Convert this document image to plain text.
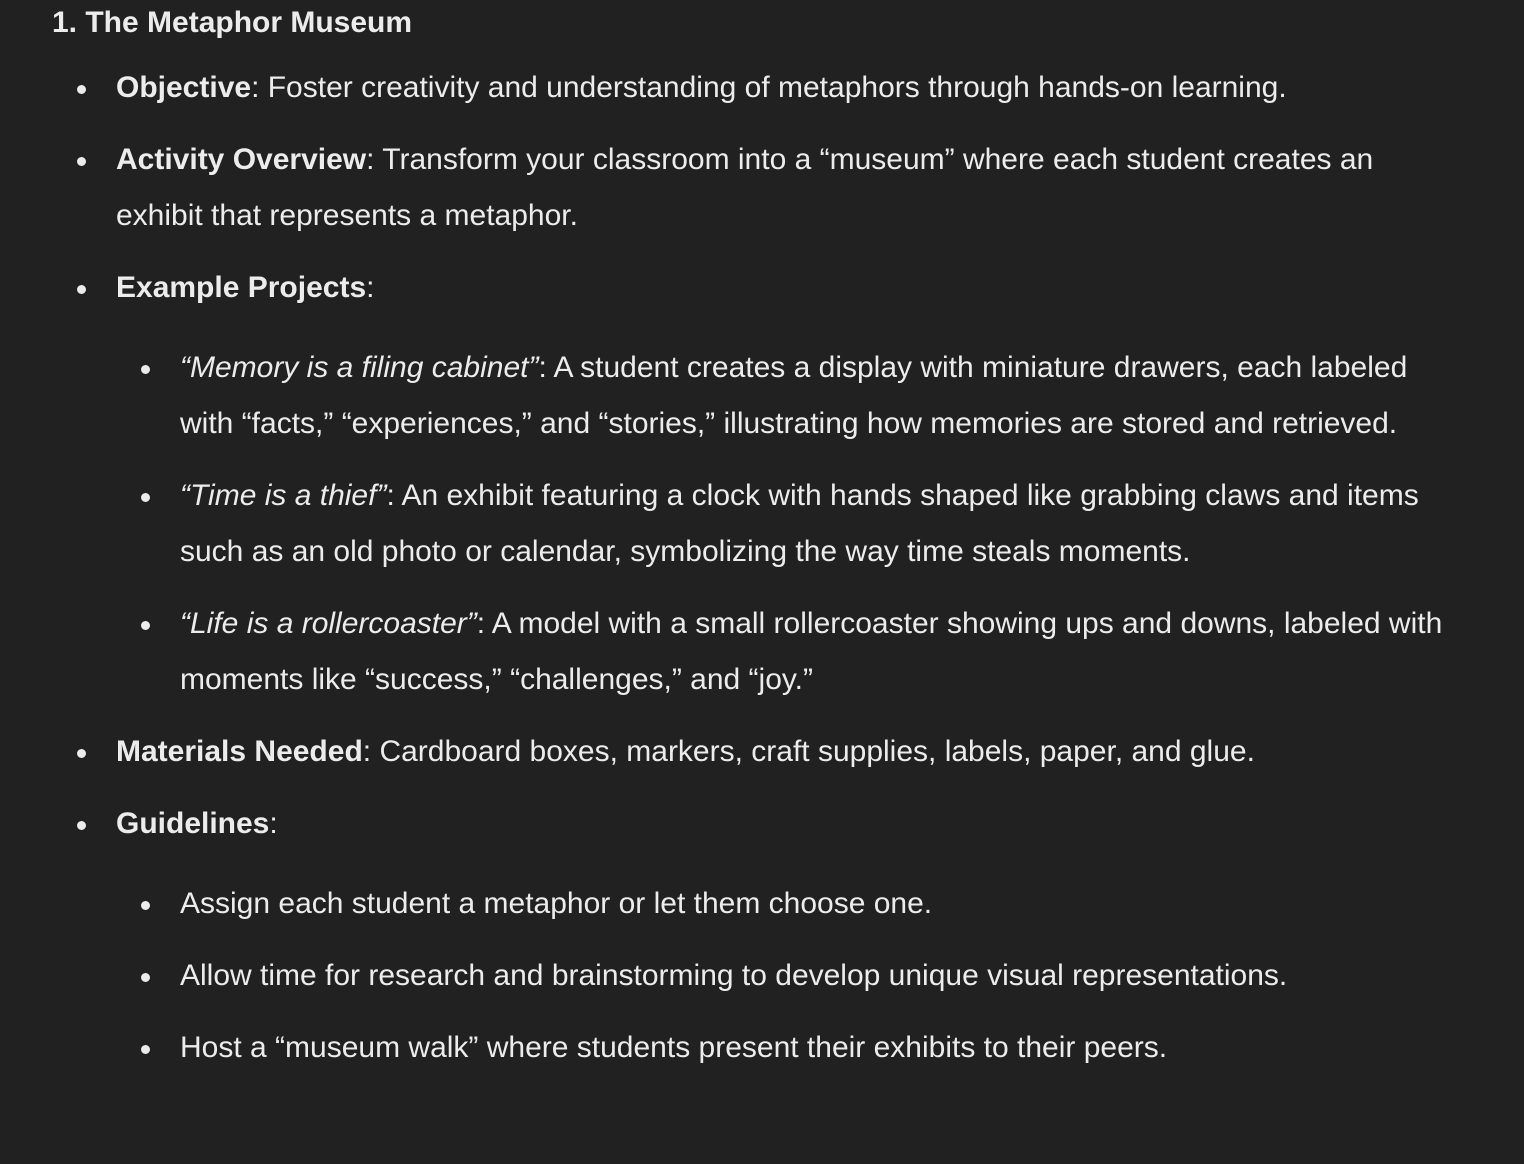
1. The Metaphor Museum
Objective: Foster creativity and understanding of metaphors through hands-on learning.
Activity Overview: Transform your classroom into a “museum” where each student creates an exhibit that represents a metaphor.
Example Projects:
“Memory is a filing cabinet”: A student creates a display with miniature drawers, each labeled with “facts,” “experiences,” and “stories,” illustrating how memories are stored and retrieved.
“Time is a thief”: An exhibit featuring a clock with hands shaped like grabbing claws and items such as an old photo or calendar, symbolizing the way time steals moments.
“Life is a rollercoaster”: A model with a small rollercoaster showing ups and downs, labeled with moments like “success,” “challenges,” and “joy.”
Materials Needed: Cardboard boxes, markers, craft supplies, labels, paper, and glue.
Guidelines:
Assign each student a metaphor or let them choose one.
Allow time for research and brainstorming to develop unique visual representations.
Host a “museum walk” where students present their exhibits to their peers.
